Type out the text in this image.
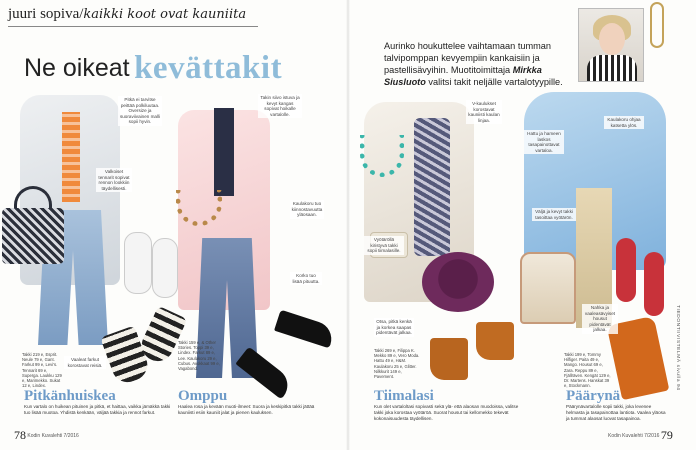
juuri sopiva/kaikki koot ovat kauniita
Ne oikeat kevättakit
Aurinko houkuttelee vaihtamaan tumman talvipomppan kevyempiin kankaisiin ja pastellisävyihin. Muotitoimittaja Mirkka Siusluoto valitsi takit neljälle vartalotyypille.
Pitkä ei tarvitse peittää polkiluutaa. Oversize ja suoraviivainen malli sopii hyvin.
Valkoiset tennarit sopivat rennon lookkiin täydellisesti.
Kaulakoru tuo kiinnostavuutta yläosaan.
Takin siivo istuva ja kevyt kangas sopivat hoikalle vartalolle.
Vaaleat farkut korostavat reisiä.
Korko tuo lisää pituutta.
Vyötäröllä kiristyvä takki sopii tiimalasille.
V-kaulukset korostavat kauniisti kaulan linjaa.
Otsa, pitkä kenkä ja korkea saapas pidentävät jalkaa.
Hattu ja hameen laskos tasapainottavat vartaloa.
Väljä ja kevyt takki tasoittaa vyötärön.
Kaulakoru ohjaa katsetta ylös.
Nahka ja vaaleasävyiset housut pidentävät jalkaa.
Takki 219 e, Esprit. Neule 79 e, Gant. Farkut 99 e, Levi's. Tennarit 69 e, Superga. Laukku 129 e, Marimekko. Sukat 12 e, Lindex.
Takki 159 e, & Other Stories. Toppi 39 e, Lindex. Farkut 89 e, Lee. Kaulakoru 29 e, Cubus. Avokkaat 99 e, Vagabond.
Takki 269 e, Filippa K. Mekko 89 e, Vero Moda. Hattu 49 e, H&M. Kaulakoru 25 e, Glitter. Nilkkurit 149 e, Pavement.
Takki 199 e, Tommy Hilfiger. Paita 49 e, Mango. Housut 69 e, Zara. Reppu 89 e, Fjällräven. Kengät 129 e, Dr. Martens. Hanskat 39 e, Stockmann.
Pitkänhuiskea
Kun vartalo on huikean pituinen ja pitkä, et haittaa, vaikka jämäkkä takki tuo lisää muotoa. Yhdistä kenkään, väljää takkia ja rennot farkut.
Omppu
Haalea rosa ja kevään muoti-ilmeet: Suora ja keskipitkä takki jättää kauniisti esiin kauniit jalat ja pienen kauluksen.
Tiimalasi
Kun olet vartaloltasi sopivasti sekä ylä- että alaosan muodoissa, valitse takki joka korostaa vyötäröä. Suorat housut tai kellomekko tekevät kokonaisuudesta täydellisen.
Päärynä
Päärynävartalolle sopii takki, joka levenee helmasta ja tasapainottaa lantiota. Vaalea yläosa ja tummat alaosat luovat tasapainoa.
78 Kodin Kuvalehti 7/2016	Kodin Kuvalehti 7/2016 79
TIEDONTIIVISTELMÄ sivulla 94
